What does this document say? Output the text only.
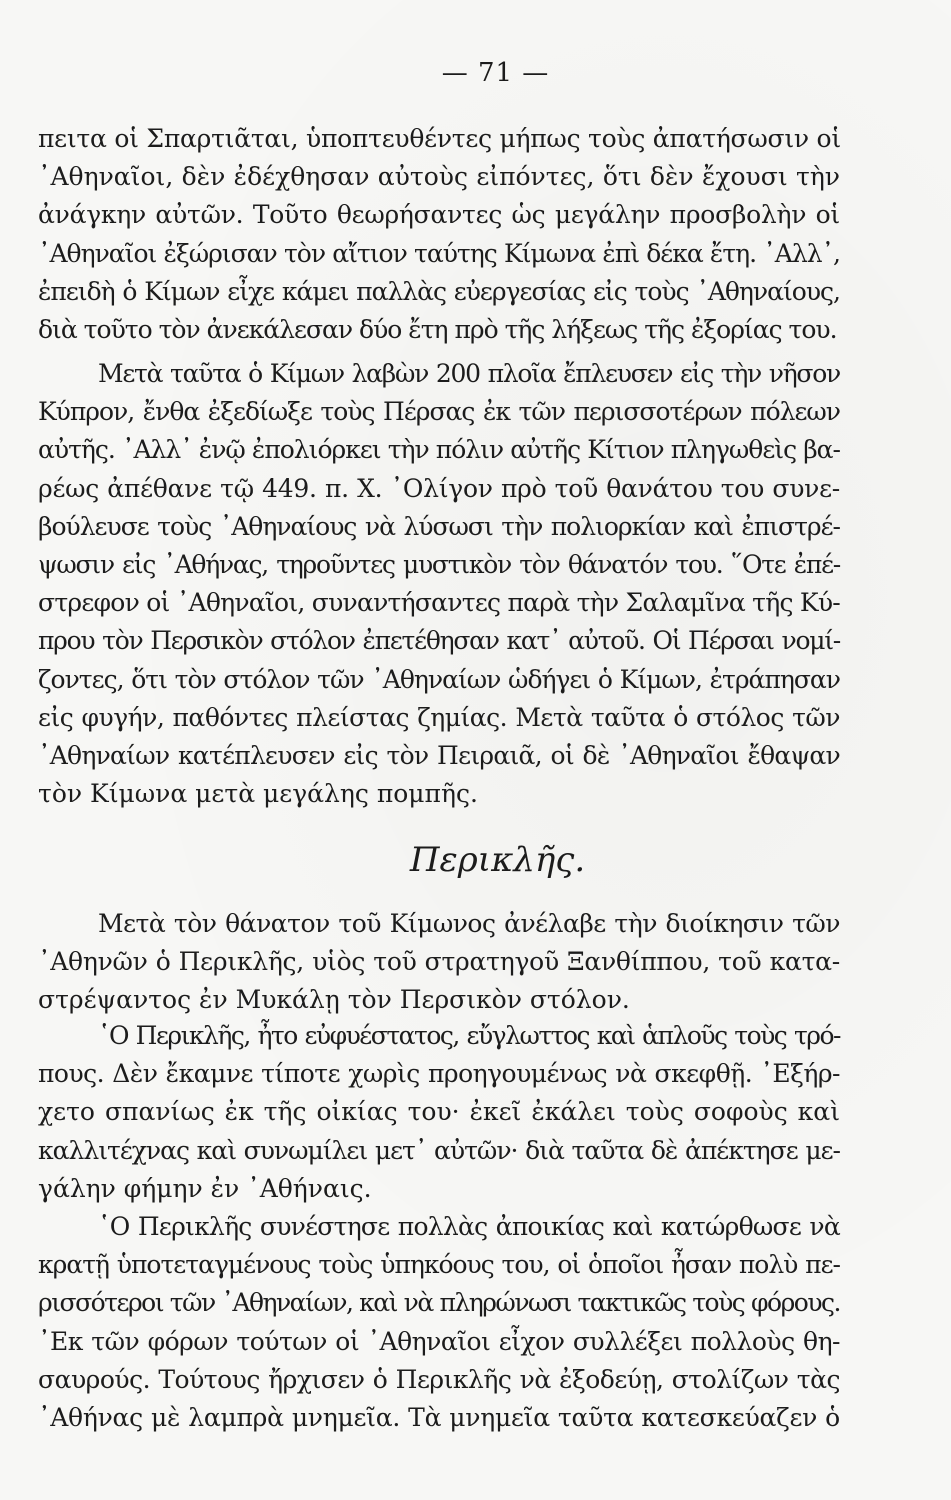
— 71 —
πειτα οἱ Σπαρτιᾶται, ὑποπτευθέντες μήπως τοὺς ἀπατήσωσιν οἱ
᾿Αθηναῖοι, δὲν ἐδέχθησαν αὐτοὺς εἰπόντες, ὅτι δὲν ἔχουσι τὴν
ἀνάγκην αὐτῶν. Τοῦτο θεωρήσαντες ὡς μεγάλην προσβολὴν οἱ
᾿Αθηναῖοι ἐξώρισαν τὸν αἴτιον ταύτης Κίμωνα ἐπὶ δέκα ἔτη. ᾿Αλλ᾽,
ἐπειδὴ ὁ Κίμων εἶχε κάμει παλλὰς εὐεργεσίας εἰς τοὺς ᾿Αθηναίους,
διὰ τοῦτο τὸν ἀνεκάλεσαν δύο ἔτη πρὸ τῆς λήξεως τῆς ἐξορίας του.
Μετὰ ταῦτα ὁ Κίμων λαβὼν 200 πλοῖα ἔπλευσεν εἰς τὴν νῆσον
Κύπρον, ἔνθα ἐξεδίωξε τοὺς Πέρσας ἐκ τῶν περισσοτέρων πόλεων
αὐτῆς. ᾿Αλλ᾽ ἐνῷ ἐπολιόρκει τὴν πόλιν αὐτῆς Κίτιον πληγωθεὶς βα-
ρέως ἀπέθανε τῷ 449. π. Χ. ᾿Ολίγον πρὸ τοῦ θανάτου του συνε-
βούλευσε τοὺς ᾿Αθηναίους νὰ λύσωσι τὴν πολιορκίαν καὶ ἐπιστρέ-
ψωσιν εἰς ᾿Αθήνας, τηροῦντες μυστικὸν τὸν θάνατόν του. ῞Οτε ἐπέ-
στρεφον οἱ ᾿Αθηναῖοι, συναντήσαντες παρὰ τὴν Σαλαμῖνα τῆς Κύ-
πρου τὸν Περσικὸν στόλον ἐπετέθησαν κατ᾽ αὐτοῦ. Οἱ Πέρσαι νομί-
ζοντες, ὅτι τὸν στόλον τῶν ᾿Αθηναίων ὡδήγει ὁ Κίμων, ἐτράπησαν
εἰς φυγήν, παθόντες πλείστας ζημίας. Μετὰ ταῦτα ὁ στόλος τῶν
᾿Αθηναίων κατέπλευσεν εἰς τὸν Πειραιᾶ, οἱ δὲ ᾿Αθηναῖοι ἔθαψαν
τὸν Κίμωνα μετὰ μεγάλης πομπῆς.
Περικλῆς.
Μετὰ τὸν θάνατον τοῦ Κίμωνος ἀνέλαβε τὴν διοίκησιν τῶν
᾿Αθηνῶν ὁ Περικλῆς, υἱὸς τοῦ στρατηγοῦ Ξανθίππου, τοῦ κατα-
στρέψαντος ἐν Μυκάλῃ τὸν Περσικὸν στόλον.
῾Ο Περικλῆς, ἦτο εὐφυέστατος, εὔγλωττος καὶ ἁπλοῦς τοὺς τρό-
πους. Δὲν ἔκαμνε τίποτε χωρὶς προηγουμένως νὰ σκεφθῇ. ᾿Εξήρ-
χετο σπανίως ἐκ τῆς οἰκίας του· ἐκεῖ ἐκάλει τοὺς σοφοὺς καὶ
καλλιτέχνας καὶ συνωμίλει μετ᾽ αὐτῶν· διὰ ταῦτα δὲ ἀπέκτησε με-
γάλην φήμην ἐν ᾿Αθήναις.
῾Ο Περικλῆς συνέστησε πολλὰς ἀποικίας καὶ κατώρθωσε νὰ
κρατῇ ὑποτεταγμένους τοὺς ὑπηκόους του, οἱ ὁποῖοι ἦσαν πολὺ πε-
ρισσότεροι τῶν ᾿Αθηναίων, καὶ νὰ πληρώνωσι τακτικῶς τοὺς φόρους.
᾿Εκ τῶν φόρων τούτων οἱ ᾿Αθηναῖοι εἶχον συλλέξει πολλοὺς θη-
σαυρούς. Τούτους ἤρχισεν ὁ Περικλῆς νὰ ἐξοδεύῃ, στολίζων τὰς
᾿Αθήνας μὲ λαμπρὰ μνημεῖα. Τὰ μνημεῖα ταῦτα κατεσκεύαζεν ὁ
